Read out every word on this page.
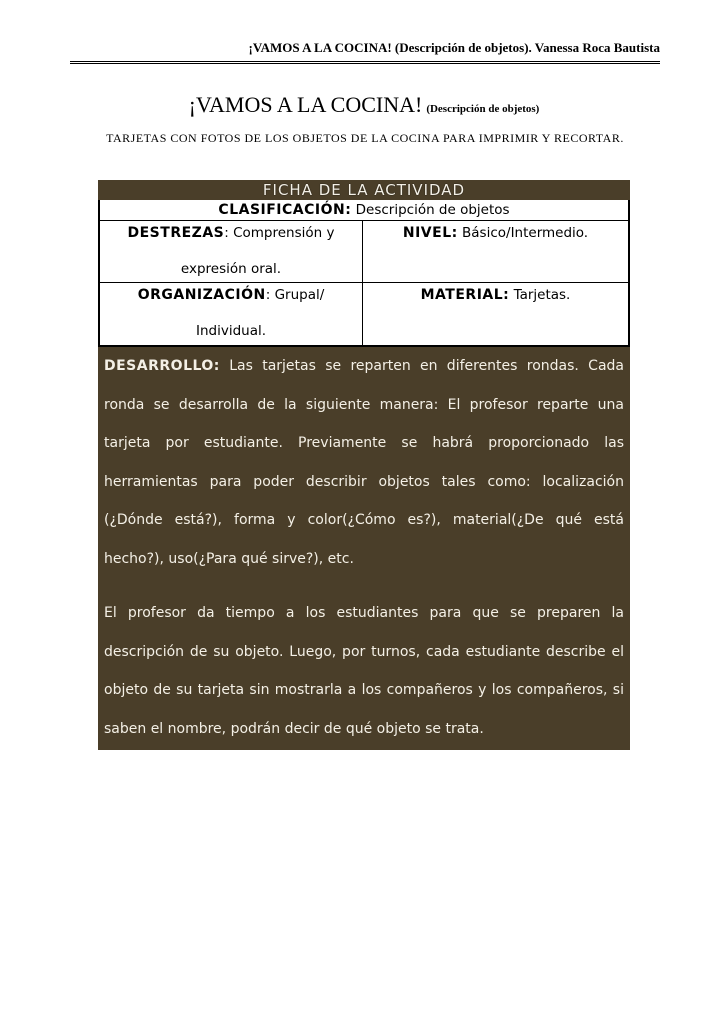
¡VAMOS A LA COCINA! (Descripción de objetos). Vanessa Roca Bautista
¡VAMOS A LA COCINA! (Descripción de objetos)
TARJETAS CON FOTOS DE LOS OBJETOS DE LA COCINA PARA IMPRIMIR Y RECORTAR.
FICHA DE LA ACTIVIDAD
CLASIFICACIÓN: Descripción de objetos
DESTREZAS: Comprensión y
expresión oral.
NIVEL: Básico/Intermedio.
ORGANIZACIÓN: Grupal/
Individual.
MATERIAL: Tarjetas.

DESARROLLO: Las tarjetas se reparten en diferentes rondas. Cada ronda se desarrolla de la siguiente manera: El profesor reparte una tarjeta por estudiante. Previamente se habrá proporcionado las herramientas para poder describir objetos tales como: localización (¿Dónde está?), forma y color(¿Cómo es?), material(¿De qué está hecho?), uso(¿Para qué sirve?), etc.

El profesor da tiempo a los estudiantes para que se preparen la descripción de su objeto. Luego, por turnos, cada estudiante describe el objeto de su tarjeta sin mostrarla a los compañeros y los compañeros, si saben el nombre, podrán decir de qué objeto se trata.
